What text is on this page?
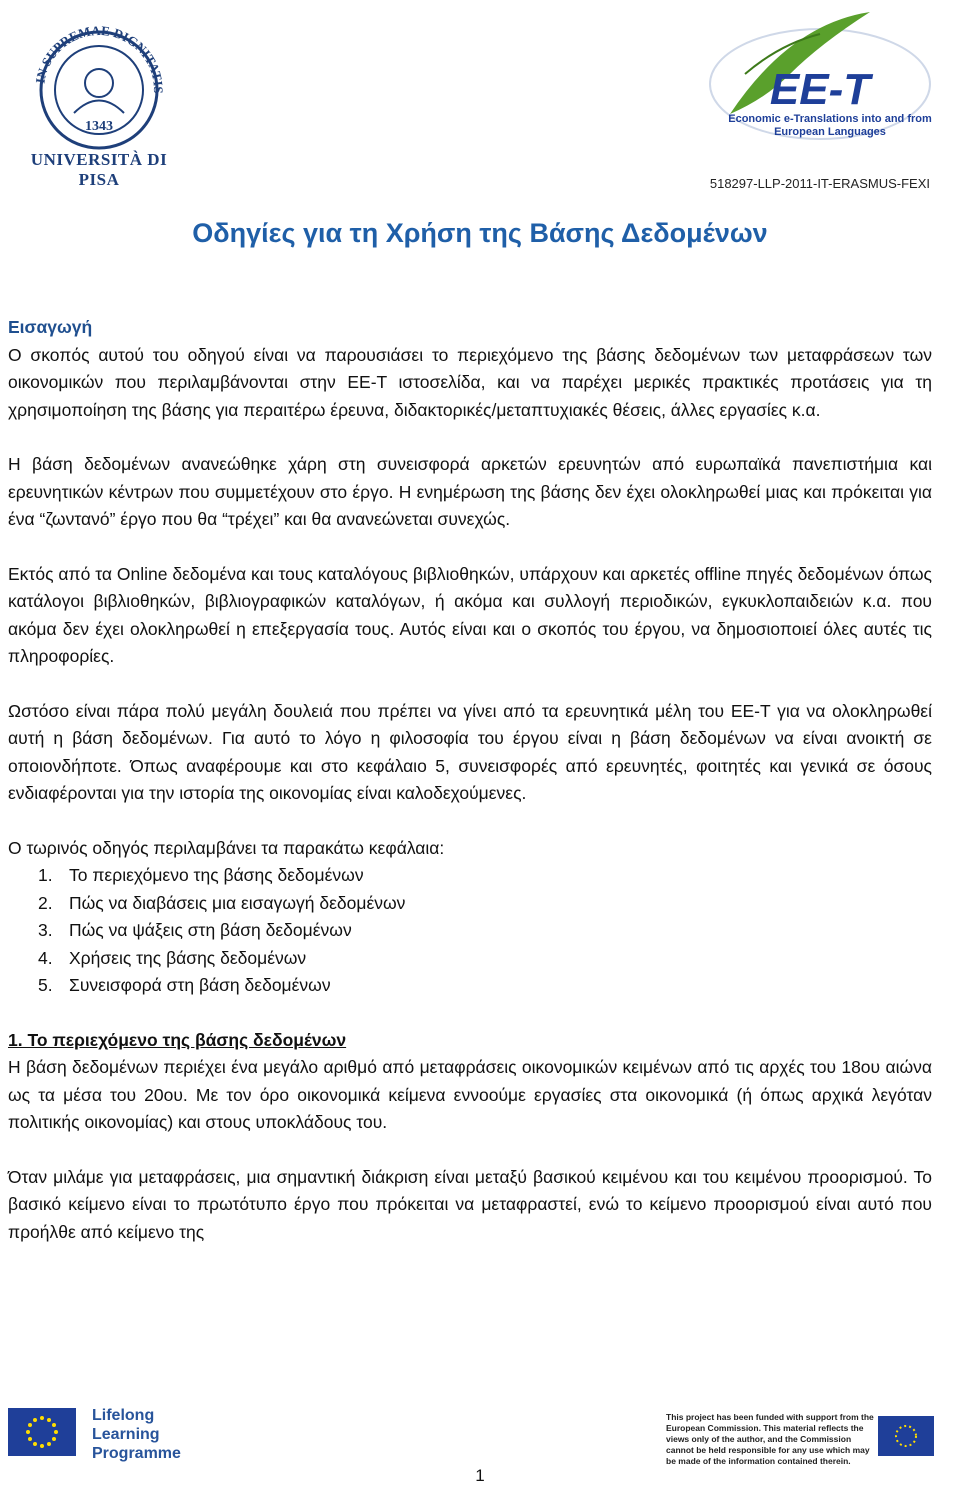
IN SUPREMAE DIGNITATIS
1343
UNIVERSITÀ DI PISA
EE-T
Economic e-Translations into and from
European Languages
518297-LLP-2011-IT-ERASMUS-FEXI
Οδηγίες για τη Χρήση της Βάσης Δεδομένων

Εισαγωγή

Ο σκοπός αυτού του οδηγού είναι να παρουσιάσει το περιεχόμενο της βάσης δεδομένων των μεταφράσεων των οικονομικών που περιλαμβάνονται στην ΕΕ-Τ ιστοσελίδα, και να παρέχει μερικές πρακτικές προτάσεις για τη χρησιμοποίηση της βάσης για περαιτέρω έρευνα, διδακτορικές/μεταπτυχιακές θέσεις, άλλες εργασίες κ.α.

Η βάση δεδομένων ανανεώθηκε χάρη στη συνεισφορά αρκετών ερευνητών από ευρωπαϊκά πανεπιστήμια και ερευνητικών κέντρων που συμμετέχουν στο έργο. Η ενημέρωση της βάσης δεν έχει ολοκληρωθεί μιας και πρόκειται για ένα “ζωντανό” έργο που θα “τρέχει” και θα ανανεώνεται συνεχώς.

Εκτός από τα Online δεδομένα και τους καταλόγους βιβλιοθηκών, υπάρχουν και αρκετές offline πηγές δεδομένων όπως κατάλογοι βιβλιοθηκών, βιβλιογραφικών καταλόγων, ή ακόμα και συλλογή περιοδικών, εγκυκλοπαιδειών κ.α. που ακόμα δεν έχει ολοκληρωθεί η επεξεργασία τους. Αυτός είναι και ο σκοπός του έργου, να δημοσιοποιεί όλες αυτές τις πληροφορίες.

Ωστόσο είναι πάρα πολύ μεγάλη δουλειά που πρέπει να γίνει από τα ερευνητικά μέλη του ΕΕ-Τ για να ολοκληρωθεί αυτή η βάση δεδομένων. Για αυτό το λόγο η φιλοσοφία του έργου είναι η βάση δεδομένων να είναι ανοικτή σε οποιονδήποτε. Όπως αναφέρουμε και στο κεφάλαιο 5, συνεισφορές από ερευνητές, φοιτητές και γενικά σε όσους ενδιαφέρονται για την ιστορία της οικονομίας είναι καλοδεχούμενες.

Ο τωρινός οδηγός περιλαμβάνει τα παρακάτω κεφάλαια:

1. Το περιεχόμενο της βάσης δεδομένων
2. Πώς να διαβάσεις μια εισαγωγή δεδομένων
3. Πώς να ψάξεις στη βάση δεδομένων
4. Χρήσεις της βάσης δεδομένων
5. Συνεισφορά στη βάση δεδομένων

1. Το περιεχόμενο της βάσης δεδομένων

Η βάση δεδομένων περιέχει ένα μεγάλο αριθμό από μεταφράσεις οικονομικών κειμένων από τις αρχές του 18ου αιώνα ως τα μέσα του 20ου. Με τον όρο οικονομικά κείμενα εννοούμε εργασίες στα οικονομικά (ή όπως αρχικά λεγόταν πολιτικής οικονομίας) και στους υποκλάδους του.

Όταν μιλάμε για μεταφράσεις, μια σημαντική διάκριση είναι μεταξύ βασικού κειμένου και του κειμένου προορισμού. Το βασικό κείμενο είναι το πρωτότυπο έργο που πρόκειται να μεταφραστεί, ενώ το κείμενο προορισμού είναι αυτό που προήλθε από κείμενο της

Lifelong
Learning
Programme
This project has been funded with support from the European Commission. This material reflects the views only of the author, and the Commission cannot be held responsible for any use which may be made of the information contained therein.
1
